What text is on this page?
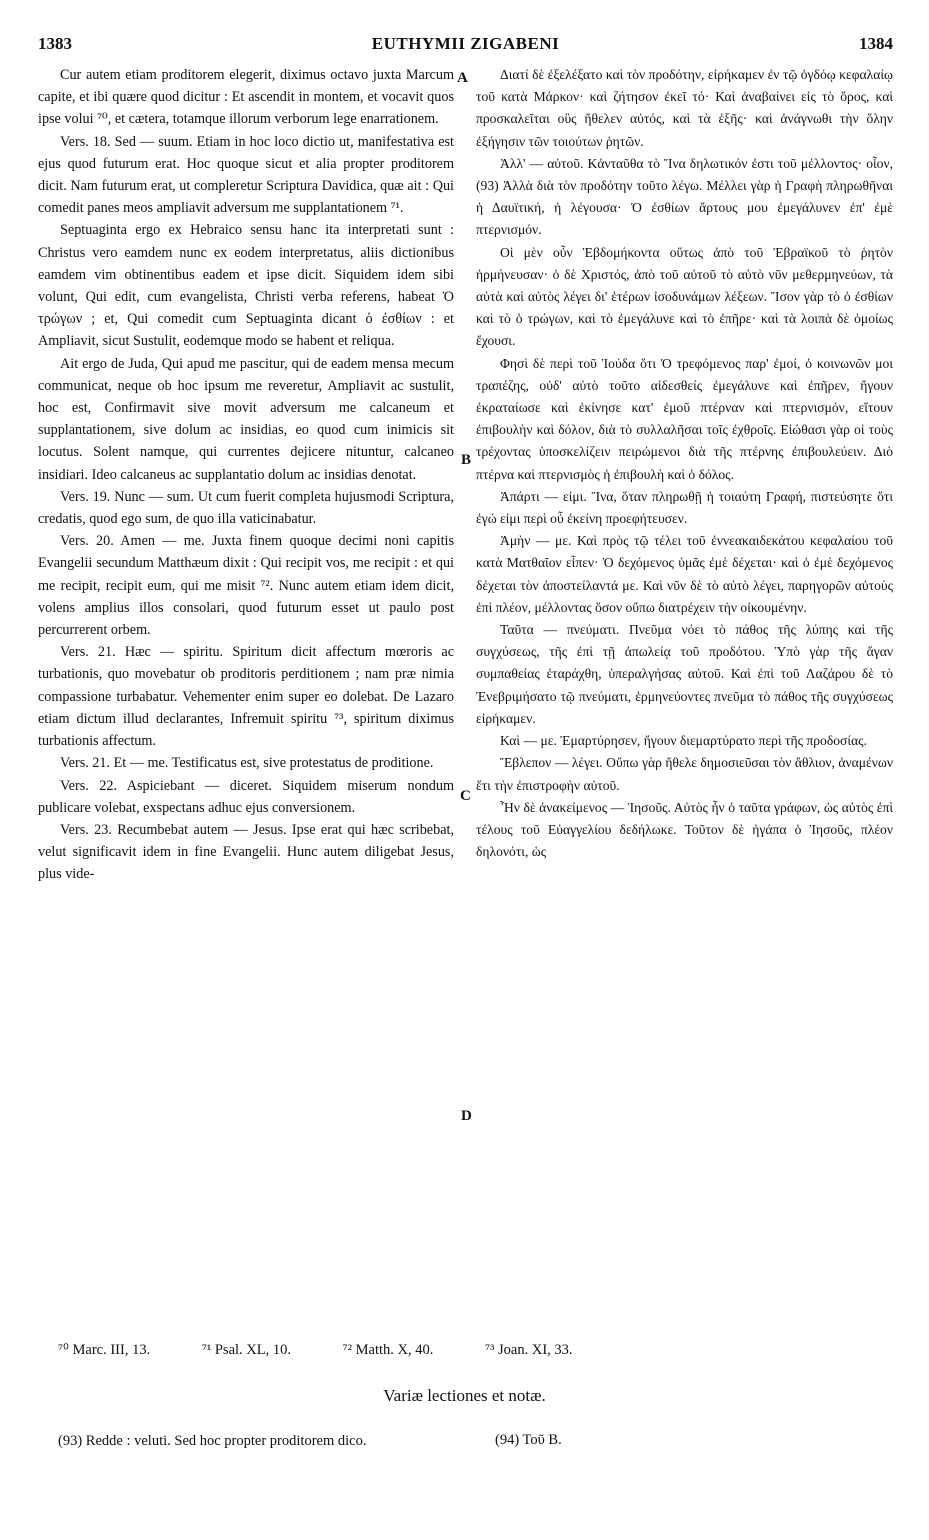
1383	EUTHYMII ZIGABENI	1384

Cur autem etiam proditorem elegerit, diximus octavo juxta Marcum capite, et ibi quære quod dicitur : Et ascendit in montem, et vocavit quos ipse volui ⁷⁰, et cætera, totamque illorum verborum lege enarrationem.

Vers. 18. Sed — suum. Etiam in hoc loco dictio ut, manifestativa est ejus quod futurum erat. Hoc quoque sicut et alia propter proditorem dicit. Nam futurum erat, ut compleretur Scriptura Davidica, quæ ait : Qui comedit panes meos ampliavit adversum me supplantationem ⁷¹.

Septuaginta ergo ex Hebraico sensu hanc ita interpretati sunt : Christus vero eamdem nunc ex eodem interpretatus, aliis dictionibus eamdem vim obtinentibus eadem et ipse dicit. Siquidem idem sibi volunt, Qui edit, cum evangelista, Christi verba referens, habeat Ὁ τρώγων ; et, Qui comedit cum Septuaginta dicant ὁ ἐσθίων : et Ampliavit, sicut Sustulit, eodemque modo se habent et reliqua.

Ait ergo de Juda, Qui apud me pascitur, qui de eadem mensa mecum communicat, neque ob hoc ipsum me reveretur, Ampliavit ac sustulit, hoc est, Confirmavit sive movit adversum me calcaneum et supplantationem, sive dolum ac insidias, eo quod cum inimicis sit locutus. Solent namque, qui currentes dejicere nituntur, calcaneo insidiari. Ideo calcaneus ac supplantatio dolum ac insidias denotat.

Vers. 19. Nunc — sum. Ut cum fuerit completa hujusmodi Scriptura, credatis, quod ego sum, de quo illa vaticinabatur.

Vers. 20. Amen — me. Juxta finem quoque decimi noni capitis Evangelii secundum Matthæum dixit : Qui recipit vos, me recipit : et qui me recipit, recipit eum, qui me misit ⁷². Nunc autem etiam idem dicit, volens amplius illos consolari, quod futurum esset ut paulo post percurrerent orbem.

Vers. 21. Hæc — spiritu. Spiritum dicit affectum mœroris ac turbationis, quo movebatur ob proditoris perditionem ; nam præ nimia compassione turbabatur. Vehementer enim super eo dolebat. De Lazaro etiam dictum illud declarantes, Infremuit spiritu ⁷³, spiritum diximus turbationis affectum.

Vers. 21. Et — me. Testificatus est, sive protestatus de proditione.

Vers. 22. Aspiciebant — diceret. Siquidem miserum nondum publicare volebat, exspectans adhuc ejus conversionem.

Vers. 23. Recumbebat autem — Jesus. Ipse erat qui hæc scribebat, velut significavit idem in fine Evangelii. Hunc autem diligebat Jesus, plus vide-

A
B
C
D

Διατί δὲ ἐξελέξατο καὶ τὸν προδότην, εἰρήκαμεν ἐν τῷ ὀγδόῳ κεφαλαίῳ τοῦ κατὰ Μάρκον· καὶ ζήτησον ἐκεῖ τό· Καὶ ἀναβαίνει εἰς τὸ ὄρος, καὶ προσκαλεῖται οὓς ἤθελεν αὐτός, καὶ τὰ ἑξῆς· καὶ ἀνάγνωθι τὴν ὅλην ἐξήγησιν τῶν τοιούτων ῥητῶν.

Ἀλλ' — αὐτοῦ. Κἀνταῦθα τὸ Ἵνα δηλωτικόν ἐστι τοῦ μέλλοντος· οἷον, (93) Ἀλλὰ διὰ τὸν προδότην τοῦτο λέγω. Μέλλει γὰρ ἡ Γραφὴ πληρωθῆναι ἡ Δαυϊτική, ἡ λέγουσα· Ὁ ἐσθίων ἄρτους μου ἐμεγάλυνεν ἐπ' ἐμὲ πτερνισμόν.

Οἱ μὲν οὖν Ἑβδομήκοντα οὕτως ἀπὸ τοῦ Ἑβραϊκοῦ τὸ ῥητὸν ἡρμήνευσαν· ὁ δὲ Χριστός, ἀπὸ τοῦ αὐτοῦ τὸ αὐτὸ νῦν μεθερμηνεύων, τὰ αὐτὰ καὶ αὐτὸς λέγει δι' ἑτέρων ἰσοδυνάμων λέξεων. Ἴσον γὰρ τὸ ὁ ἐσθίων καὶ τὸ ὁ τρώγων, καὶ τὸ ἐμεγάλυνε καὶ τὸ ἐπῆρε· καὶ τὰ λοιπὰ δὲ ὁμοίως ἔχουσι.

Φησὶ δὲ περὶ τοῦ Ἰούδα ὅτι Ὁ τρεφόμενος παρ' ἐμοί, ὁ κοινωνῶν μοι τραπέζης, οὐδ' αὐτὸ τοῦτο αἰδεσθείς ἐμεγάλυνε καὶ ἐπῆρεν, ἤγουν ἐκραταίωσε καὶ ἐκίνησε κατ' ἐμοῦ πτέρναν καὶ πτερνισμόν, εἴτουν ἐπιβουλὴν καὶ δόλον, διὰ τὸ συλλαλῆσαι τοῖς ἐχθροῖς. Εἰώθασι γὰρ οἱ τοὺς τρέχοντας ὑποσκελίζειν πειρώμενοι διὰ τῆς πτέρνης ἐπιβουλεύειν. Διὸ πτέρνα καὶ πτερνισμὸς ἡ ἐπιβουλὴ καὶ ὁ δόλος.

Ἀπάρτι — εἰμι. Ἵνα, ὅταν πληρωθῇ ἡ τοιαύτη Γραφή, πιστεύσητε ὅτι ἐγώ εἰμι περὶ οὗ ἐκείνη προεφήτευσεν.

Ἀμὴν — με. Καὶ πρὸς τῷ τέλει τοῦ ἐννεακαιδεκάτου κεφαλαίου τοῦ κατὰ Ματθαῖον εἶπεν· Ὁ δεχόμενος ὑμᾶς ἐμὲ δέχεται· καὶ ὁ ἐμὲ δεχόμενος δέχεται τὸν ἀποστείλαντά με. Καὶ νῦν δὲ τὸ αὐτὸ λέγει, παρηγορῶν αὐτοὺς ἐπὶ πλέον, μέλλοντας ὅσον οὔπω διατρέχειν τὴν οἰκουμένην.

Ταῦτα — πνεύματι. Πνεῦμα νόει τὸ πάθος τῆς λύπης καὶ τῆς συγχύσεως, τῆς ἐπὶ τῇ ἀπωλείᾳ τοῦ προδότου. Ὑπὸ γὰρ τῆς ἄγαν συμπαθείας ἐταράχθη, ὑπεραλγήσας αὐτοῦ. Καὶ ἐπὶ τοῦ Λαζάρου δὲ τὸ Ἐνεβριμήσατο τῷ πνεύματι, ἑρμηνεύοντες πνεῦμα τὸ πάθος τῆς συγχύσεως εἰρήκαμεν.

Καὶ — με. Ἐμαρτύρησεν, ἤγουν διεμαρτύρατο περὶ τῆς προδοσίας.

Ἔβλεπον — λέγει. Οὔπω γὰρ ἤθελε δημοσιεῦσαι τὸν ἄθλιον, ἀναμένων ἔτι τὴν ἐπιστροφὴν αὐτοῦ.

Ἦν δὲ ἀνακείμενος — Ἰησοῦς. Αὐτὸς ἦν ὁ ταῦτα γράφων, ὡς αὐτὸς ἐπὶ τέλους τοῦ Εὐαγγελίου δεδήλωκε. Τοῦτον δὲ ἠγάπα ὁ Ἰησοῦς, πλέον δηλονότι, ὡς

⁷⁰ Marc. III, 13.	⁷¹ Psal. XL, 10.	⁷² Matth. X, 40.	⁷³ Joan. XI, 33.
Variæ lectiones et notæ.
(93) Redde : veluti. Sed hoc propter proditorem dico.	(94) Τοῦ B.
